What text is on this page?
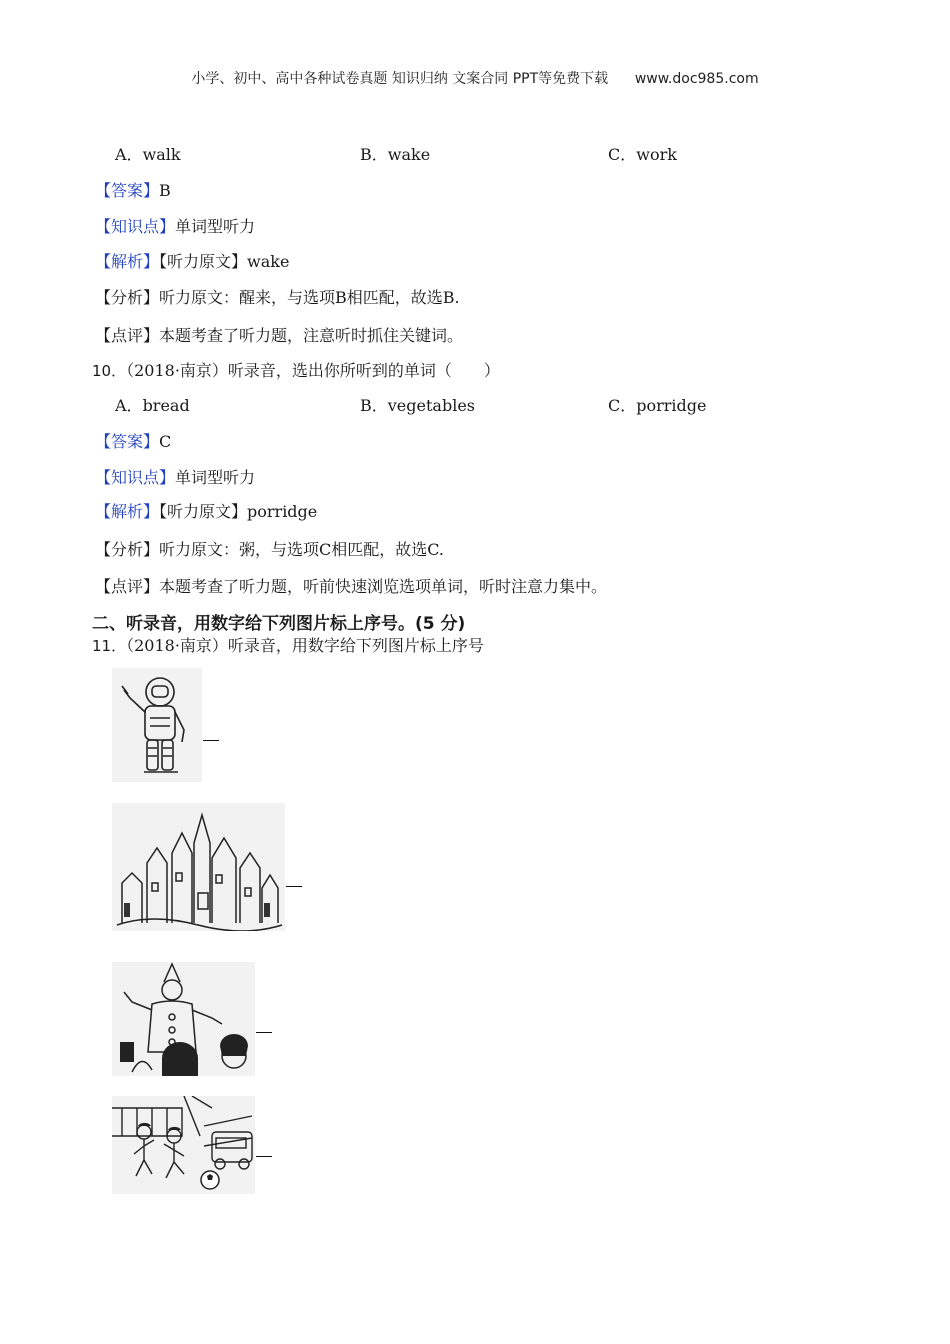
小学、初中、高中各种试卷真题 知识归纳 文案合同 PPT等免费下载      www.doc985.com
A．walk	B．wake	C．work
【答案】B
【知识点】单词型听力
【解析】【听力原文】wake
【分析】听力原文：醒来，与选项B相匹配，故选B.
【点评】本题考查了听力题，注意听时抓住关键词。
10．（2018·南京）听录音，选出你所听到的单词（　　）
A．bread	B．vegetables	C．porridge
【答案】C
【知识点】单词型听力
【解析】【听力原文】porridge
【分析】听力原文：粥，与选项C相匹配，故选C.
【点评】本题考查了听力题，听前快速浏览选项单词，听时注意力集中。
二、听录音，用数字给下列图片标上序号。(5 分)
11．（2018·南京）听录音，用数字给下列图片标上序号
